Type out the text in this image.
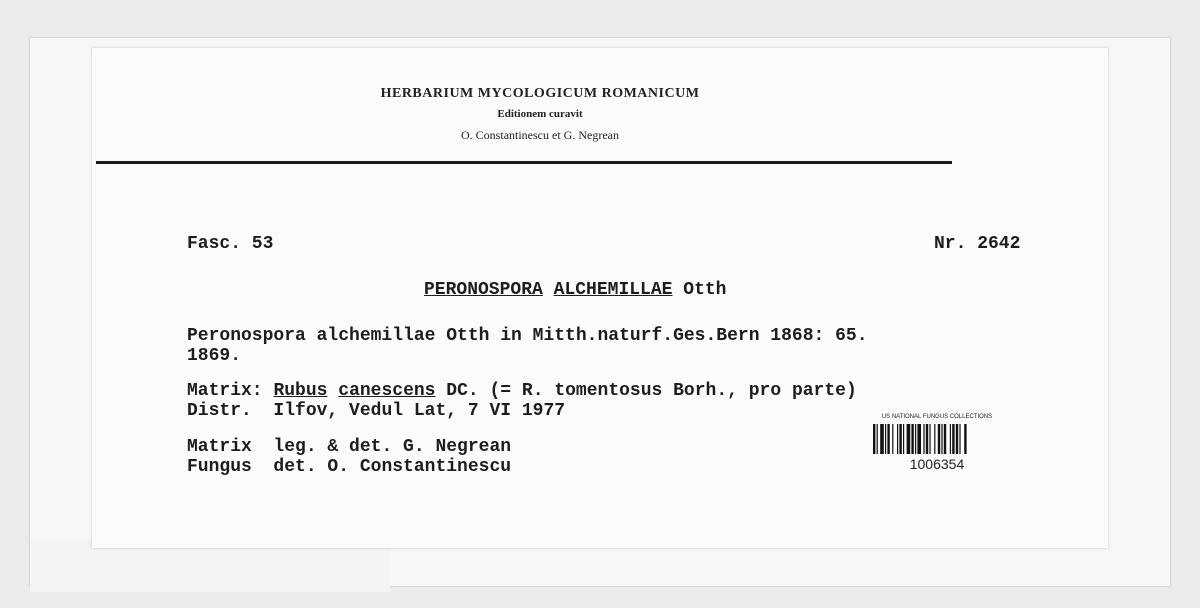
HERBARIUM MYCOLOGICUM ROMANICUM
Editionem curavit
O. Constantinescu et G. Negrean
Fasc. 53	Nr. 2642
PERONOSPORA ALCHEMILLAE Otth
Peronospora alchemillae Otth in Mitth.naturf.Ges.Bern 1868: 65.
1869.
Matrix: Rubus canescens DC. (= R. tomentosus Borh., pro parte)
Distr. Ilfov, Vedul Lat, 7 VI 1977
Matrix leg. & det. G. Negrean
Fungus det. O. Constantinescu
US NATIONAL FUNGUS COLLECTIONS
1006354
